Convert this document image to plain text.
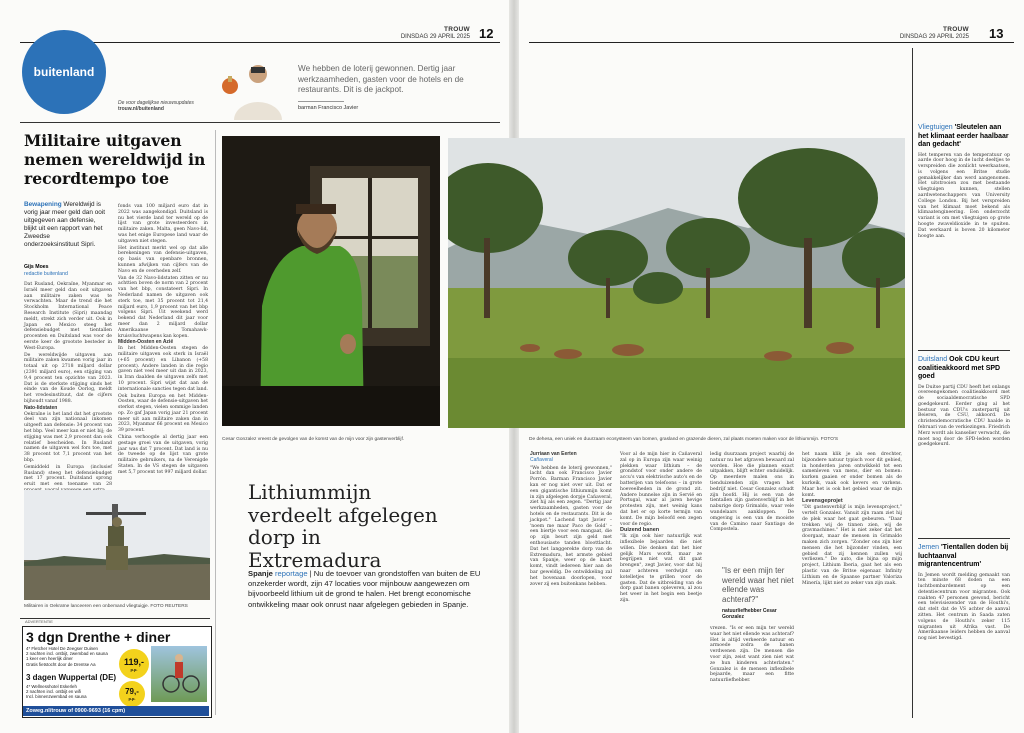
TROUW
DINSDAG 29 APRIL 2025 12
buitenland
De voor dagelijkse nieuwsupdates
trouw.nl/buitenland
We hebben de loterij gewonnen. Dertig jaar werkzaamheden, gasten voor de hotels en de restaurants. Dit is de jackpot.
barman Francisco Javier
Militaire uitgaven nemen wereldwijd in recordtempo toe
Bewapening Wereldwijd is vorig jaar meer geld dan ooit uitgegeven aan defensie, blijkt uit een rapport van het Zweedse onderzoeksinstituut Sipri.
Gijs Moes
redactie buitenland

Dat Rusland, Oekraïne, Myanmar en Israël meer geld dan ooit uitgaven aan militaire zaken was te verwachten. Maar de trend die het Stockholm International Peace Research Institute (Sipri) maandag meldt, strekt zich verder uit. Ook in Japan en Mexico steeg het defensiebudget met tientallen procenten en Duitsland was voor de eerste keer de grootste besteder in West-Europa.

De wereldwijde uitgaven aan militaire zaken kwamen vorig jaar in totaal uit op 2718 miljard dollar (2391 miljard euro), een stijging van 9,4 procent ten opzichte van 2023. Dat is de sterkste stijging sinds het einde van de Koude Oorlog, meldt het vredesinstituut, dat de cijfers bijhoudt vanaf 1988.

Nato-lidstaten

Oekraïne is het land dat het grootste deel van zijn nationaal inkomen uitgeeft aan defensie: 34 procent van het bbp. Veel meer kan er niet bij; de stijging was met 2,9 procent dan ook relatief bescheiden. In Rusland namen de uitgaven wel fors toe, met 38 procent tot 7,1 procent van het bbp.

Gemiddeld in Europa (inclusief Rusland) steeg het defensiebudget met 17 procent. Duitsland sprong eruit met een toename van 28

fonds van 100 miljard euro dat in 2022 was aangekondigd. Duitsland is nu het vierde land ter wereld op de lijst van grote investeerders in militaire zaken. Malta, geen Navo-lid, was het enige Europese land waar de uitgaven niet stegen.

Het instituut merkt wel op dat alle berekeningen van defensie-uitgaven, op basis van openbare bronnen, kunnen afwijken van cijfers van de Navo en de overheden zelf.

Van de 32 Navo-lidstaten zitten er nu achttien boven de norm van 2 procent van het bbp, constateert Sipri. In Nederland namen de uitgaven ook sterk toe, met 35 procent tot 21,4 miljard euro, 1,9 procent van het bbp volgens Sipri. Uit weekend werd bekend dat Nederland dit jaar voor meer dan 2 miljard dollar Amerikaanse Tomahawk-kruisvluchtwapens kan kopen.

Midden-Oosten en Azië

In het Midden-Oosten stegen de militaire uitgaven ook sterk in Israël (+65 procent) en Libanon (+58 procent). Andere landen in die regio gaven niet veel meer uit dan in 2023, in Iran daalden de uitgaven zelfs met 10 procent. Sipri wijst dat aan de internationale sancties tegen dat land.

Ook buiten Europa en het Midden-Oosten, waar de defensie-uitgaven het sterkst stegen, vielen sommige landen op. Zo gaf Japan vorig jaar 21 procent meer uit aan militaire zaken dan in 2023, Myanmar 66 procent en Mexico 39 procent.

China verhoogde al dertig jaar een gestage groei van de uitgaven, vorig jaar was dat 7 procent. Dat land is nu de tweede op de lijst van grote militaire gebruikers, na de Verenigde Staten. In de VS stegen de uitgaven met 5,7 procent tot 997 miljard dollar.

Militairen in Oekraïne lanceeren een onbemand vliegtuigje. FOTO REUTERS
ADVERTENTIE
3 dgn Drenthe + diner
4* Fletcher Hotel De Zeegser Duinen
2 nachten incl. ontbijt, zwembad en sauna
1 keer een heerlijk diner
Gratis fietstocht door de Drentse Aa	119,-
p.p.
3 dagen Wuppertal (DE)
4* Wellnesshotel Eskerleh
2 nachten incl. ontbijt en wifi
Incl. binnenzwembad en sauna
79,-
p.p.
Zoweg.nl/trouw of 0900-9693 (16 cpm)
Cesar Gonzalez vreest de gevolgen van de komst van de mijn voor zijn gastenverblijf.
Lithiummijn verdeelt afgelegen dorp in Extremadura
Spanje reportage | Nu de toevoer van grondstoffen van buiten de EU onzekerder wordt, zijn 47 locaties voor mijnbouw aangewezen om bijvoorbeeld lithium uit de grond te halen. Het brengt economische ontwikkeling maar ook onrust naar afgelegen gebieden in Spanje.
TROUW
DINSDAG 29 APRIL 2025 13
De dehesa, een uniek en duurzaam ecosysteem van bomen, grasland en grazende dieren, zal plaats moeten maken voor de lithiummijn. FOTO'S
Jurriaan van Eerten
Cañaveral

"We hebben de loterij gewonnen," lacht dan ook Francisco Javier Porrón. Barman Francisco Javier kan er nog niet over uit. Dat er een gigantische lithiummijn komt in zijn afgelegen dorpje Cañaveral, ziet hij als een zegen. "Dertig jaar werkzaamheden, gasten voor de hotels en de restaurants. Dit is de jackpot." Lachend tapt Javier – 'noem me maar Paco de Gold' – een biertje voor een mangaat, die op zijn beurt zijn geld met enthousiaste tanden bloottlacht. Dat het langgerekte dorp van de Extremadura, het armste gebied van Spanje, weer op de kaart komt, vindt iedereen hier aan de bar geweldig. De ontwikkeling zal het bovenaan doorlopen, voor zover zij een buitenkans hebben.

Voor al de mijn hier in Cañaveral zal op in Europa zijn waar weinig plekken waar lithium – de grondstof voor onder andere de accu's van elektrische auto's en de batterijen van telefoons – in grote hoeveelheden in de grond zit. Andere bunnelse zijn in Servië en Portugal, waar al jaren hevige protesten zijn, met weinig kans dat het er op korte termijn van komt. De mijn beloofd een zegen voor de regio.

Duizend banen

"Ik zijn ook hier natuurlijk wat inflexibele bejaarden die niet willen. Die denken dat het hier gelijk Mars wordt, maar ze begrijpen niet wat dit gaat brengen", zegt Javier, voor dat hij naar achteren verdwijnt om kotelletjes te grillen voor de gasten. Dat de uitbreiding van de dorp gaat banen opleveren, al zou het weer in het begin een beetje zijn.

ledig duurzaam project waarbij de natuur nu het afgraven bewaard zal worden. Hoe die plannen exact uitpakken, blijft echter onduidelijk. Op meerdere malen ons in tienduizenden zijn vragen het bedrijf niet. Cesar Gonzalez schudt zijn hoofd. Hij is een van de tientallen zijn gastenverblijf in het naburige dorp Grimaldo, waar vele wandelaars aankloppen. De omgeving is een van de mooiste van de Camino naar Santiago de Compostela.

"Is er een mijn ter wereld waar het niet ellende was achteraf?"
natuurliefhebber Cesar Gonzalez

vrezen. "Is er een mijn ter wereld waar het niet ellende was achteraf? Het is altijd verkeerde natuur en armoede zodra de banen verdwenen zijn. De mensen die voor zijn, zeist want zien niet wat ze hun kinderen achterlaten." Gonzalez is de mensen inflexibele bejaarde, maar een fitte natuurliefhebber.

het naam klik je als een drechter, bijzondere natuur typisch voor dit gebied, in honderden jaren ontwikkeld tot een samenleven van mens, dier en bomen: kurken gaaien er onder bomen als de kurkeik, vaak ook kevers en varkens. Maar het is ook het gebied waar de mijn komt.

Levensgeprojet

"Dit gastenverblijf is mijn levensproject," vertelt Gonzalez. Vanuit zijn raam ziet hij de plek waar het gaat gebeuren. "Daar trekken wij de tinnen zien, wij de gravmachines." Het is niet zeker dat het doorgaat, maar de mensen in Grimaldo maken zich zorgen. "Zonder ons zijn hier mensen die het bijzonder vinden, een gebied dat zij kennen zullen wij verliezen." De auto, die bijna op mijn project, Lithium Iberia, gaat het als een plastic van de Britse eigenaar. Infinity Lithium en de Spaanse partner Valoriza Minería, lijkt niet zo zeker van zijn zaak.

Vliegtuigen 'Sleutelen aan het klimaat eerder haalbaar dan gedacht'
Het temperen van de temperatuur op aarde door hoog in de lucht deeltjes te verspreiden die zonlicht weerkaatsen, is volgens een Britse studie gemakkelijker dan werd aangenomen. Het uitstrooien zou met bestaande vliegtuigen kunnen, stellen aardwetenschappers van University College London. Bij het verspreiden van het klimaat moet bekend als klimaatengineering. Een onderzocht variant is om met vliegtuigen op grote hoogte zwaveldioxide in te spuiten. Dat werkaard is boven 20 kilometer hoogte aan.
Duitsland Ook CDU keurt coalitieakkoord met SPD goed
De Duitse partij CDU heeft het onlangs overeengekomen coalitieakkoord met de sociaaldemocratische SPD goedgekeurd. Eerder ging al het bestuur van CDU's zusterpartij uit Beieren, de CSU, akkoord. De christendemocratische CDU haalde in februari van de verkiezingen. Friedrich Merz wordt als kanselier verwacht, die moet nog door de SPD-leden worden goedgekeurd.
Jemen 'Tientallen doden bij luchtaanval migrantencentrum'
In Jemen wordt melding gemaakt van ten minste 68 doden na een luchtbombardement op een detentiecentrum voor migranten. Ook raakten 47 personen gewond, bericht een televisiezender van de Houthi's, dat stelt dat de VS achter de aanval zitten. Het centrum in Saada zaten volgens de Houthi's zeker 115 migranten uit Afrika vast. De Amerikaanse leiders hebben de aanval nog niet bevestigd.
